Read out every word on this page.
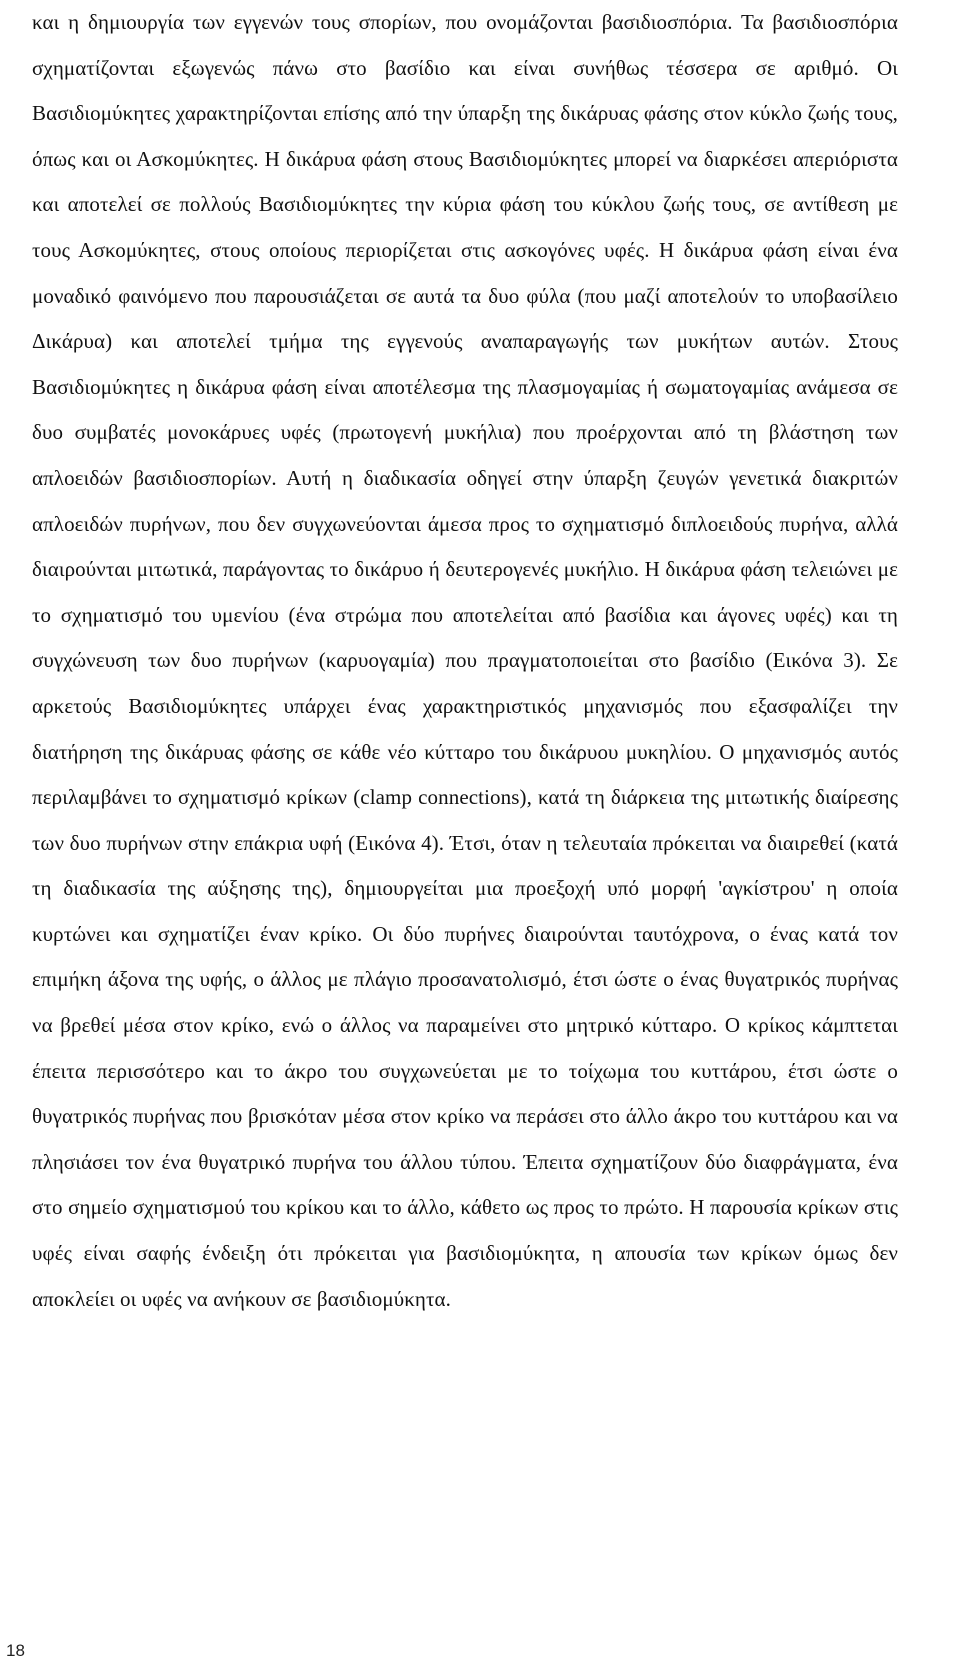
και η δημιουργία των εγγενών τους σπορίων, που ονομάζονται βασιδιοσπόρια. Τα βασιδιοσπόρια σχηματίζονται εξωγενώς πάνω στο βασίδιο και είναι συνήθως τέσσερα σε αριθμό. Οι Βασιδιομύκητες χαρακτηρίζονται επίσης από την ύπαρξη της δικάρυας φάσης στον κύκλο ζωής τους, όπως και οι Ασκομύκητες. Η δικάρυα φάση στους Βασιδιομύκητες μπορεί να διαρκέσει απεριόριστα και αποτελεί σε πολλούς Βασιδιομύκητες την κύρια φάση του κύκλου ζωής τους, σε αντίθεση με τους Ασκομύκητες, στους οποίους περιορίζεται στις ασκογόνες υφές. Η δικάρυα φάση είναι ένα μοναδικό φαινόμενο που παρουσιάζεται σε αυτά τα δυο φύλα (που μαζί αποτελούν το υποβασίλειο Δικάρυα) και αποτελεί τμήμα της εγγενούς αναπαραγωγής των μυκήτων αυτών. Στους Βασιδιομύκητες η δικάρυα φάση είναι αποτέλεσμα της πλασμογαμίας ή σωματογαμίας ανάμεσα σε δυο συμβατές μονοκάρυες υφές (πρωτογενή μυκήλια) που προέρχονται από τη βλάστηση των απλοειδών βασιδιοσπορίων. Αυτή η διαδικασία οδηγεί στην ύπαρξη ζευγών γενετικά διακριτών απλοειδών πυρήνων, που δεν συγχωνεύονται άμεσα προς το σχηματισμό διπλοειδούς πυρήνα, αλλά διαιρούνται μιτωτικά, παράγοντας το δικάρυο ή δευτερογενές μυκήλιο. Η δικάρυα φάση τελειώνει με το σχηματισμό του υμενίου (ένα στρώμα που αποτελείται από βασίδια και άγονες υφές) και τη συγχώνευση των δυο πυρήνων (καρυογαμία) που πραγματοποιείται στο βασίδιο (Εικόνα 3). Σε αρκετούς Βασιδιομύκητες υπάρχει ένας χαρακτηριστικός μηχανισμός που εξασφαλίζει την διατήρηση της δικάρυας φάσης σε κάθε νέο κύτταρο του δικάρυου μυκηλίου. Ο μηχανισμός αυτός περιλαμβάνει το σχηματισμό κρίκων (clamp connections), κατά τη διάρκεια της μιτωτικής διαίρεσης των δυο πυρήνων στην επάκρια υφή (Εικόνα 4). Έτσι, όταν η τελευταία πρόκειται να διαιρεθεί (κατά τη διαδικασία της αύξησης της), δημιουργείται μια προεξοχή υπό μορφή 'αγκίστρου' η οποία κυρτώνει και σχηματίζει έναν κρίκο. Οι δύο πυρήνες διαιρούνται ταυτόχρονα, ο ένας κατά τον επιμήκη άξονα της υφής, ο άλλος με πλάγιο προσανατολισμό, έτσι ώστε ο ένας θυγατρικός πυρήνας να βρεθεί μέσα στον κρίκο, ενώ ο άλλος να παραμείνει στο μητρικό κύτταρο. Ο κρίκος κάμπτεται έπειτα περισσότερο και το άκρο του συγχωνεύεται με το τοίχωμα του κυττάρου, έτσι ώστε ο θυγατρικός πυρήνας που βρισκόταν μέσα στον κρίκο να περάσει στο άλλο άκρο του κυττάρου και να πλησιάσει τον ένα θυγατρικό πυρήνα του άλλου τύπου. Έπειτα σχηματίζουν δύο διαφράγματα, ένα στο σημείο σχηματισμού του κρίκου και το άλλο, κάθετο ως προς το πρώτο. Η παρουσία κρίκων στις υφές είναι σαφής ένδειξη ότι πρόκειται για βασιδιομύκητα, η απουσία των κρίκων όμως δεν αποκλείει οι υφές να ανήκουν σε βασιδιομύκητα.

18
